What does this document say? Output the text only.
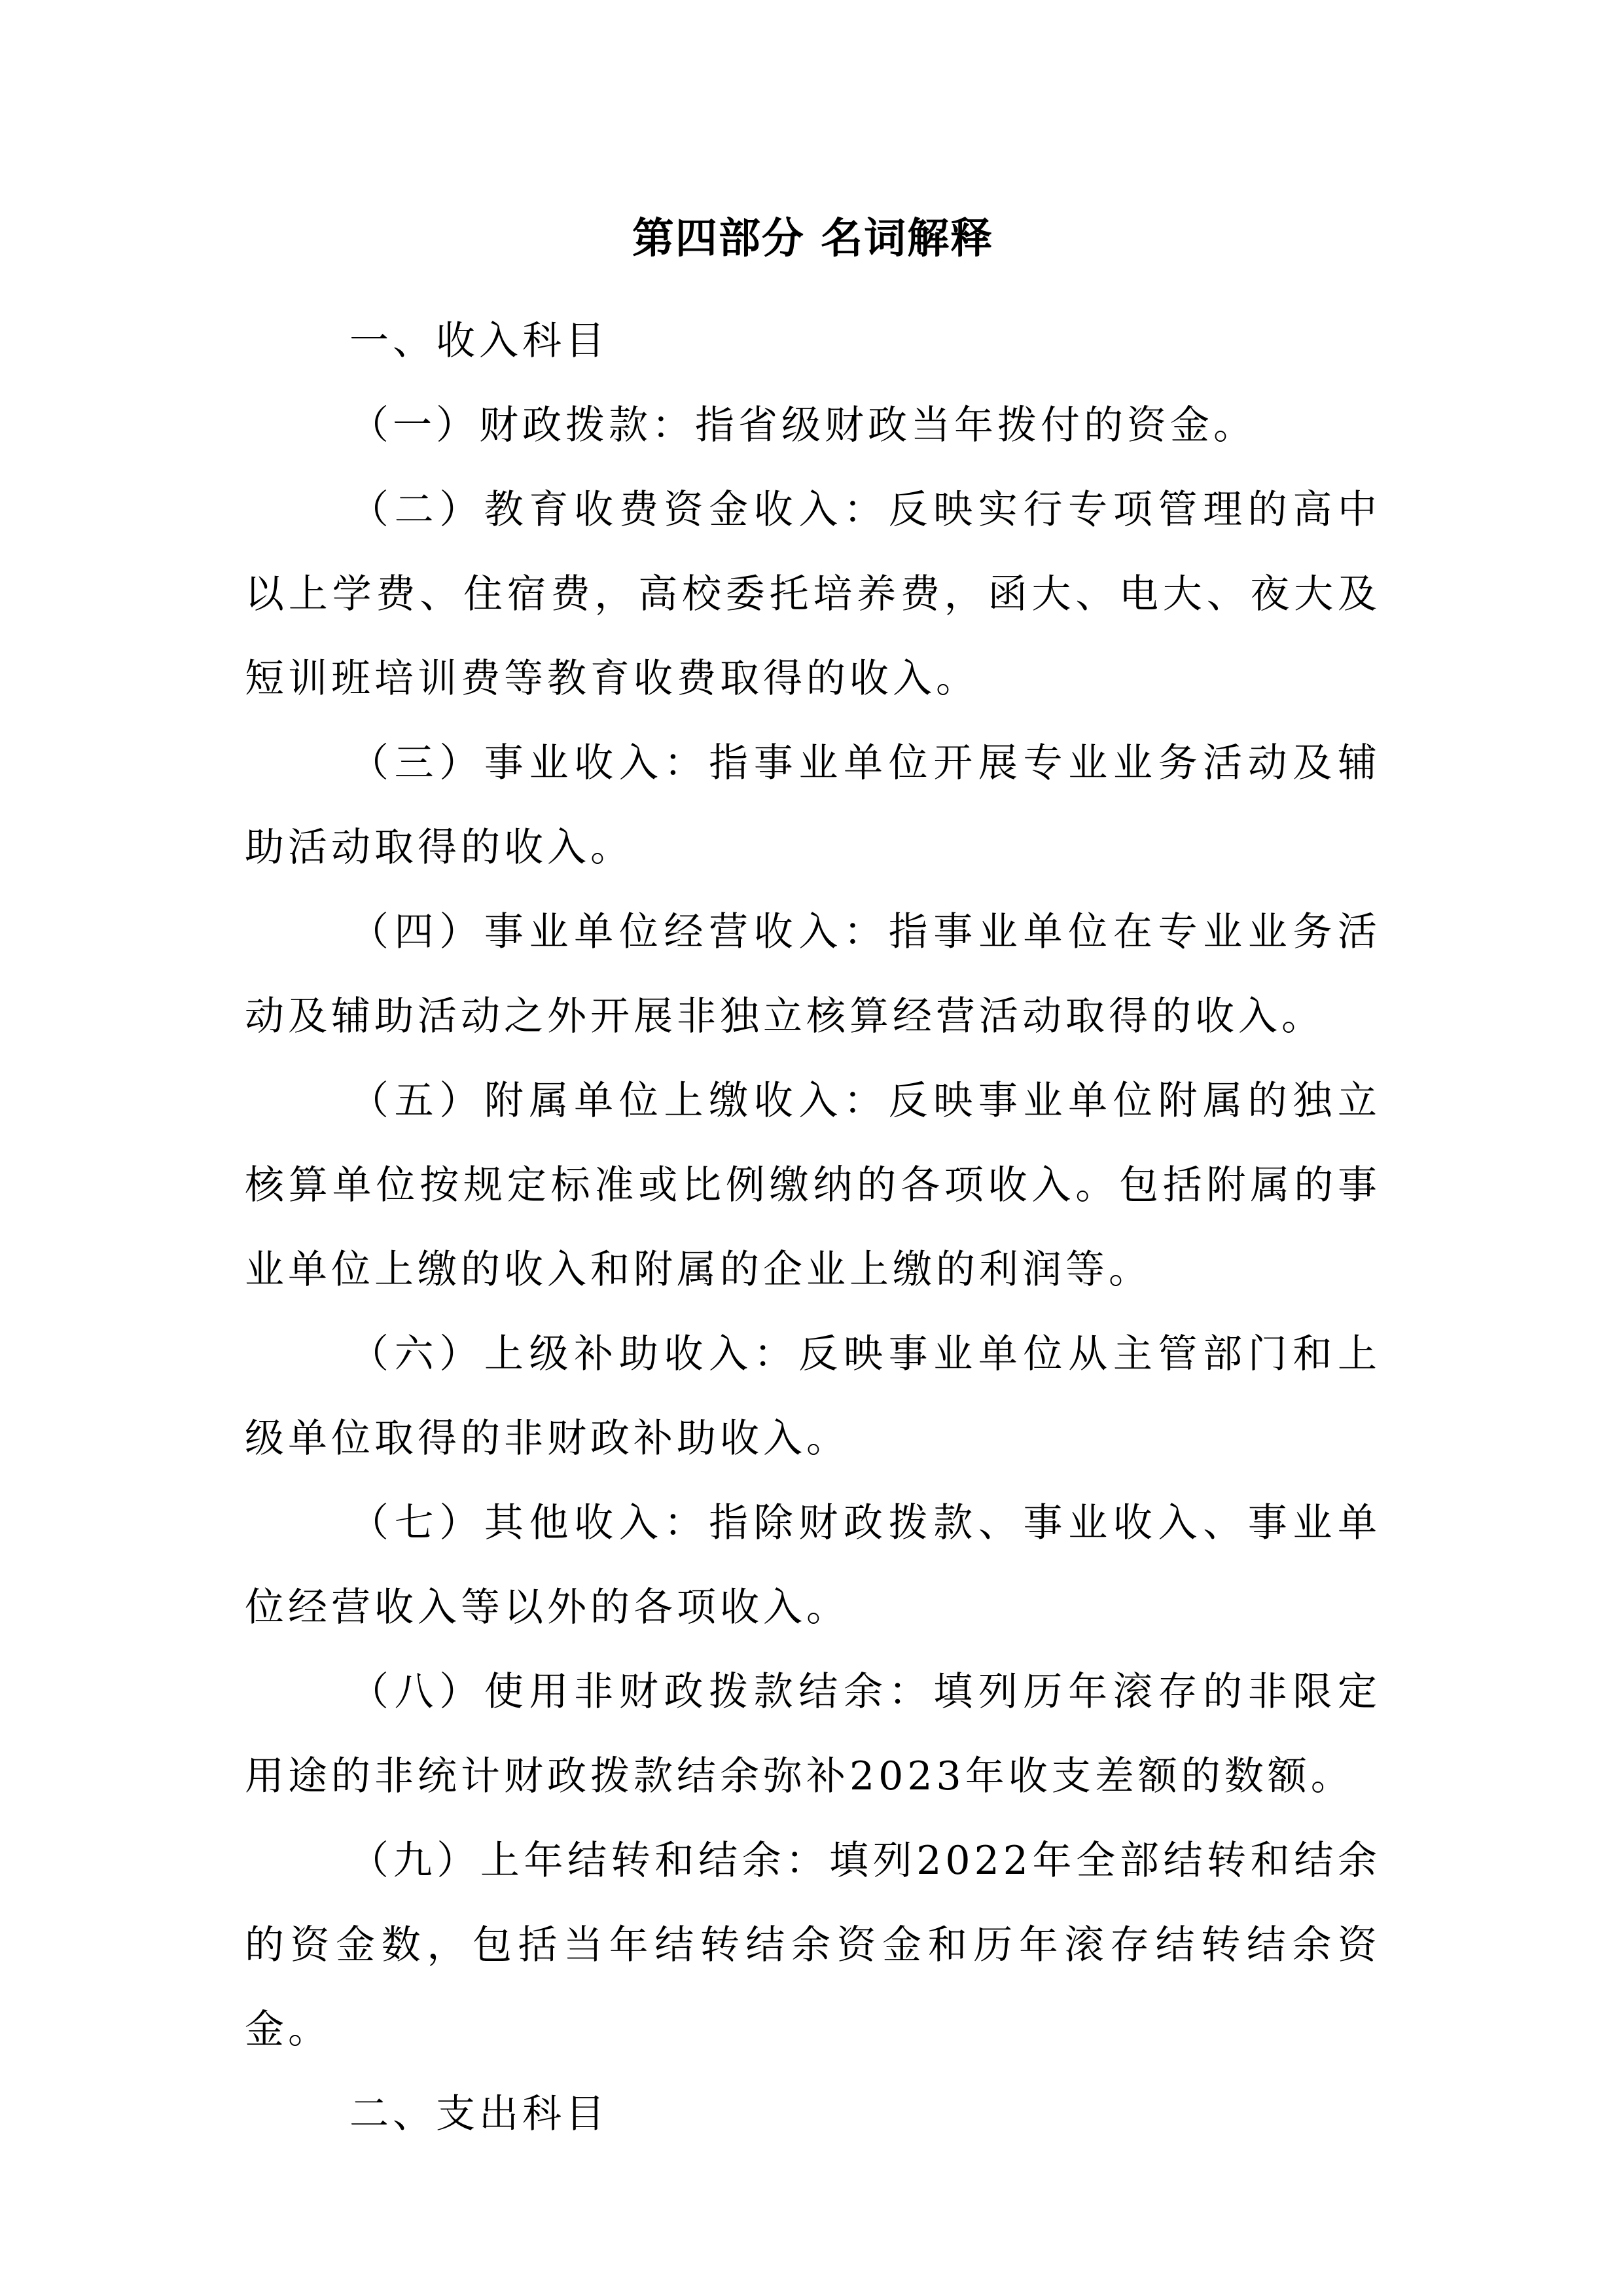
第四部分 名词解释

一、收入科目

（一）财政拨款：指省级财政当年拨付的资金。

（二）教育收费资金收入：反映实行专项管理的高中以上学费、住宿费，高校委托培养费，函大、电大、夜大及短训班培训费等教育收费取得的收入。

（三）事业收入：指事业单位开展专业业务活动及辅助活动取得的收入。

（四）事业单位经营收入：指事业单位在专业业务活动及辅助活动之外开展非独立核算经营活动取得的收入。

（五）附属单位上缴收入：反映事业单位附属的独立核算单位按规定标准或比例缴纳的各项收入。包括附属的事业单位上缴的收入和附属的企业上缴的利润等。

（六）上级补助收入：反映事业单位从主管部门和上级单位取得的非财政补助收入。

（七）其他收入：指除财政拨款、事业收入、事业单位经营收入等以外的各项收入。

（八）使用非财政拨款结余：填列历年滚存的非限定用途的非统计财政拨款结余弥补2023年收支差额的数额。

（九）上年结转和结余：填列2022年全部结转和结余的资金数，包括当年结转结余资金和历年滚存结转结余资金。

二、支出科目
